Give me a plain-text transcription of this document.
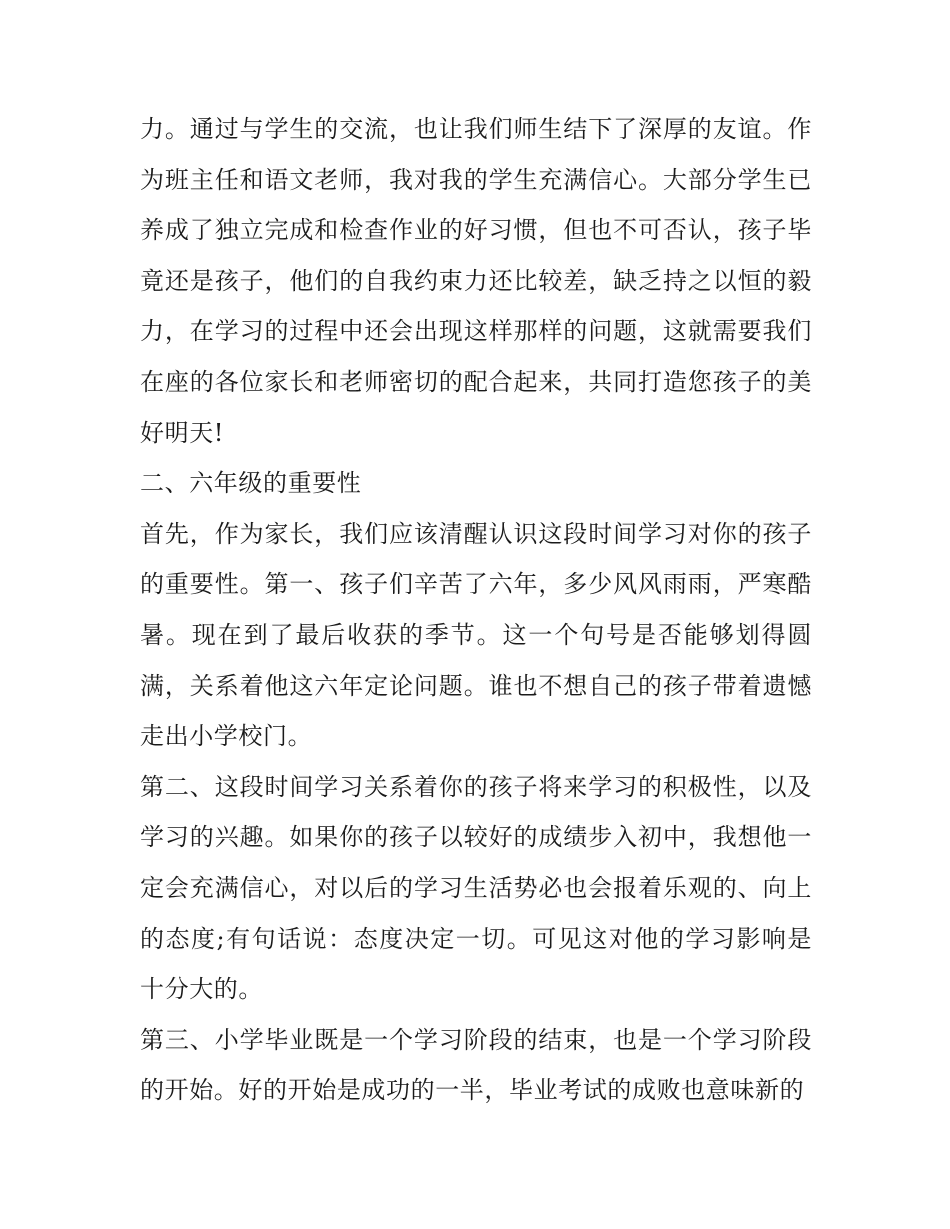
力。通过与学生的交流，也让我们师生结下了深厚的友谊。作为班主任和语文老师，我对我的学生充满信心。大部分学生已养成了独立完成和检查作业的好习惯，但也不可否认，孩子毕竟还是孩子，他们的自我约束力还比较差，缺乏持之以恒的毅力，在学习的过程中还会出现这样那样的问题，这就需要我们在座的各位家长和老师密切的配合起来，共同打造您孩子的美好明天!

二、六年级的重要性

首先，作为家长，我们应该清醒认识这段时间学习对你的孩子的重要性。第一、孩子们辛苦了六年，多少风风雨雨，严寒酷暑。现在到了最后收获的季节。这一个句号是否能够划得圆满，关系着他这六年定论问题。谁也不想自己的孩子带着遗憾走出小学校门。

第二、这段时间学习关系着你的孩子将来学习的积极性，以及学习的兴趣。如果你的孩子以较好的成绩步入初中，我想他一定会充满信心，对以后的学习生活势必也会报着乐观的、向上的态度;有句话说：态度决定一切。可见这对他的学习影响是十分大的。

第三、小学毕业既是一个学习阶段的结束，也是一个学习阶段的开始。好的开始是成功的一半，毕业考试的成败也意味新的
